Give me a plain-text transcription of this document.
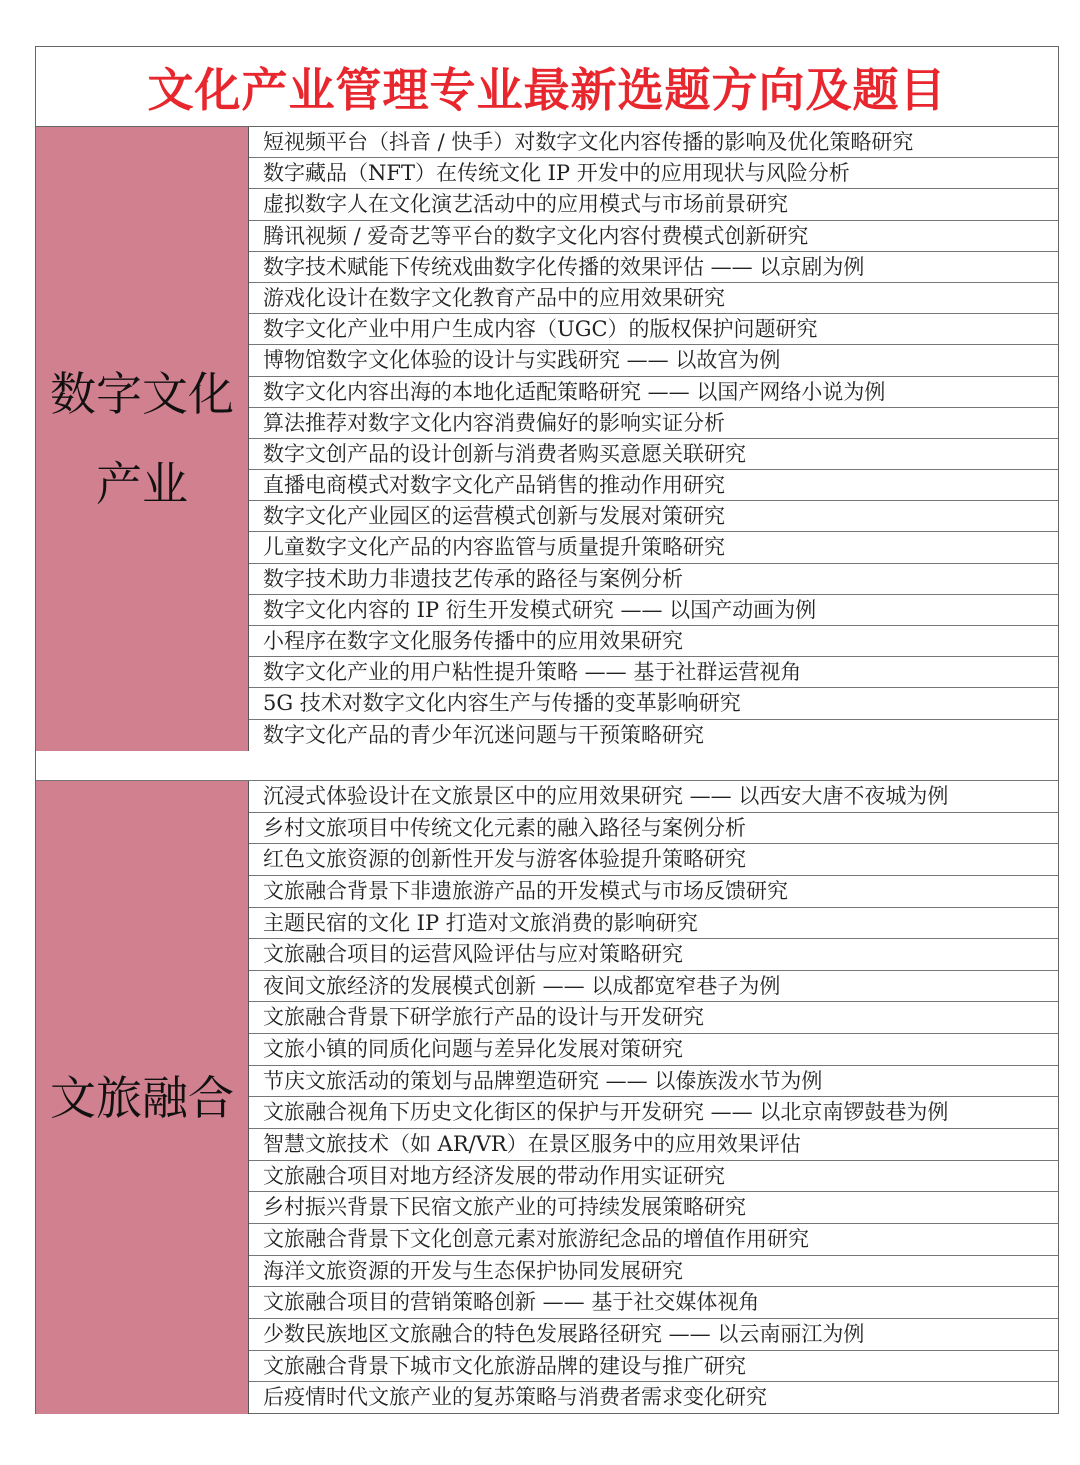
文化产业管理专业最新选题方向及题目
数字文化产业
短视频平台（抖音 / 快手）对数字文化内容传播的影响及优化策略研究
数字藏品（NFT）在传统文化 IP 开发中的应用现状与风险分析
虚拟数字人在文化演艺活动中的应用模式与市场前景研究
腾讯视频 / 爱奇艺等平台的数字文化内容付费模式创新研究
数字技术赋能下传统戏曲数字化传播的效果评估 —— 以京剧为例
游戏化设计在数字文化教育产品中的应用效果研究
数字文化产业中用户生成内容（UGC）的版权保护问题研究
博物馆数字文化体验的设计与实践研究 —— 以故宫为例
数字文化内容出海的本地化适配策略研究 —— 以国产网络小说为例
算法推荐对数字文化内容消费偏好的影响实证分析
数字文创产品的设计创新与消费者购买意愿关联研究
直播电商模式对数字文化产品销售的推动作用研究
数字文化产业园区的运营模式创新与发展对策研究
儿童数字文化产品的内容监管与质量提升策略研究
数字技术助力非遗技艺传承的路径与案例分析
数字文化内容的 IP 衍生开发模式研究 —— 以国产动画为例
小程序在数字文化服务传播中的应用效果研究
数字文化产业的用户粘性提升策略 —— 基于社群运营视角
5G 技术对数字文化内容生产与传播的变革影响研究
数字文化产品的青少年沉迷问题与干预策略研究
文旅融合
沉浸式体验设计在文旅景区中的应用效果研究 —— 以西安大唐不夜城为例
乡村文旅项目中传统文化元素的融入路径与案例分析
红色文旅资源的创新性开发与游客体验提升策略研究
文旅融合背景下非遗旅游产品的开发模式与市场反馈研究
主题民宿的文化 IP 打造对文旅消费的影响研究
文旅融合项目的运营风险评估与应对策略研究
夜间文旅经济的发展模式创新 —— 以成都宽窄巷子为例
文旅融合背景下研学旅行产品的设计与开发研究
文旅小镇的同质化问题与差异化发展对策研究
节庆文旅活动的策划与品牌塑造研究 —— 以傣族泼水节为例
文旅融合视角下历史文化街区的保护与开发研究 —— 以北京南锣鼓巷为例
智慧文旅技术（如 AR/VR）在景区服务中的应用效果评估
文旅融合项目对地方经济发展的带动作用实证研究
乡村振兴背景下民宿文旅产业的可持续发展策略研究
文旅融合背景下文化创意元素对旅游纪念品的增值作用研究
海洋文旅资源的开发与生态保护协同发展研究
文旅融合项目的营销策略创新 —— 基于社交媒体视角
少数民族地区文旅融合的特色发展路径研究 —— 以云南丽江为例
文旅融合背景下城市文化旅游品牌的建设与推广研究
后疫情时代文旅产业的复苏策略与消费者需求变化研究
